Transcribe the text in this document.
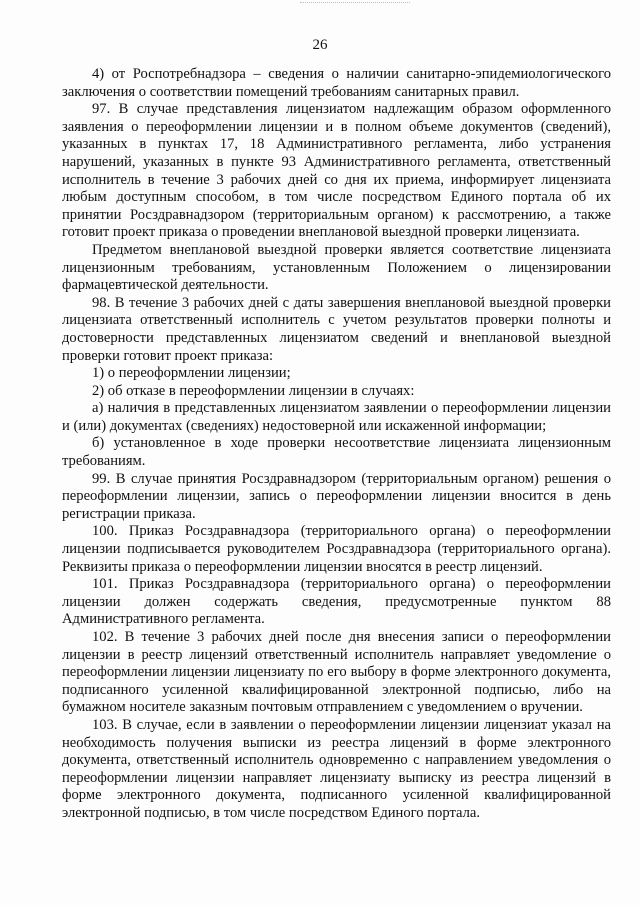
26

4) от Роспотребнадзора – сведения о наличии санитарно-эпидемиологического заключения о соответствии помещений требованиям санитарных правил.

97. В случае представления лицензиатом надлежащим образом оформленного заявления о переоформлении лицензии и в полном объеме документов (сведений), указанных в пунктах 17, 18 Административного регламента, либо устранения нарушений, указанных в пункте 93 Административного регламента, ответственный исполнитель в течение 3 рабочих дней со дня их приема, информирует лицензиата любым доступным способом, в том числе посредством Единого портала об их принятии Росздравнадзором (территориальным органом) к рассмотрению, а также готовит проект приказа о проведении внеплановой выездной проверки лицензиата.

Предметом внеплановой выездной проверки является соответствие лицензиата лицензионным требованиям, установленным Положением о лицензировании фармацевтической деятельности.

98. В течение 3 рабочих дней с даты завершения внеплановой выездной проверки лицензиата ответственный исполнитель с учетом результатов проверки полноты и достоверности представленных лицензиатом сведений и внеплановой выездной проверки готовит проект приказа:

1) о переоформлении лицензии;

2) об отказе в переоформлении лицензии в случаях:

а) наличия в представленных лицензиатом заявлении о переоформлении лицензии и (или) документах (сведениях) недостоверной или искаженной информации;

б) установленное в ходе проверки несоответствие лицензиата лицензионным требованиям.

99. В случае принятия Росздравнадзором (территориальным органом) решения о переоформлении лицензии, запись о переоформлении лицензии вносится в день регистрации приказа.

100. Приказ Росздравнадзора (территориального органа) о переоформлении лицензии подписывается руководителем Росздравнадзора (территориального органа). Реквизиты приказа о переоформлении лицензии вносятся в реестр лицензий.

101. Приказ Росздравнадзора (территориального органа) о переоформлении лицензии должен содержать сведения, предусмотренные пунктом 88 Административного регламента.

102. В течение 3 рабочих дней после дня внесения записи о переоформлении лицензии в реестр лицензий ответственный исполнитель направляет уведомление о переоформлении лицензии лицензиату по его выбору в форме электронного документа, подписанного усиленной квалифицированной электронной подписью, либо на бумажном носителе заказным почтовым отправлением с уведомлением о вручении.

103. В случае, если в заявлении о переоформлении лицензии лицензиат указал на необходимость получения выписки из реестра лицензий в форме электронного документа, ответственный исполнитель одновременно с направлением уведомления о переоформлении лицензии направляет лицензиату выписку из реестра лицензий в форме электронного документа, подписанного усиленной квалифицированной электронной подписью, в том числе посредством Единого портала.
